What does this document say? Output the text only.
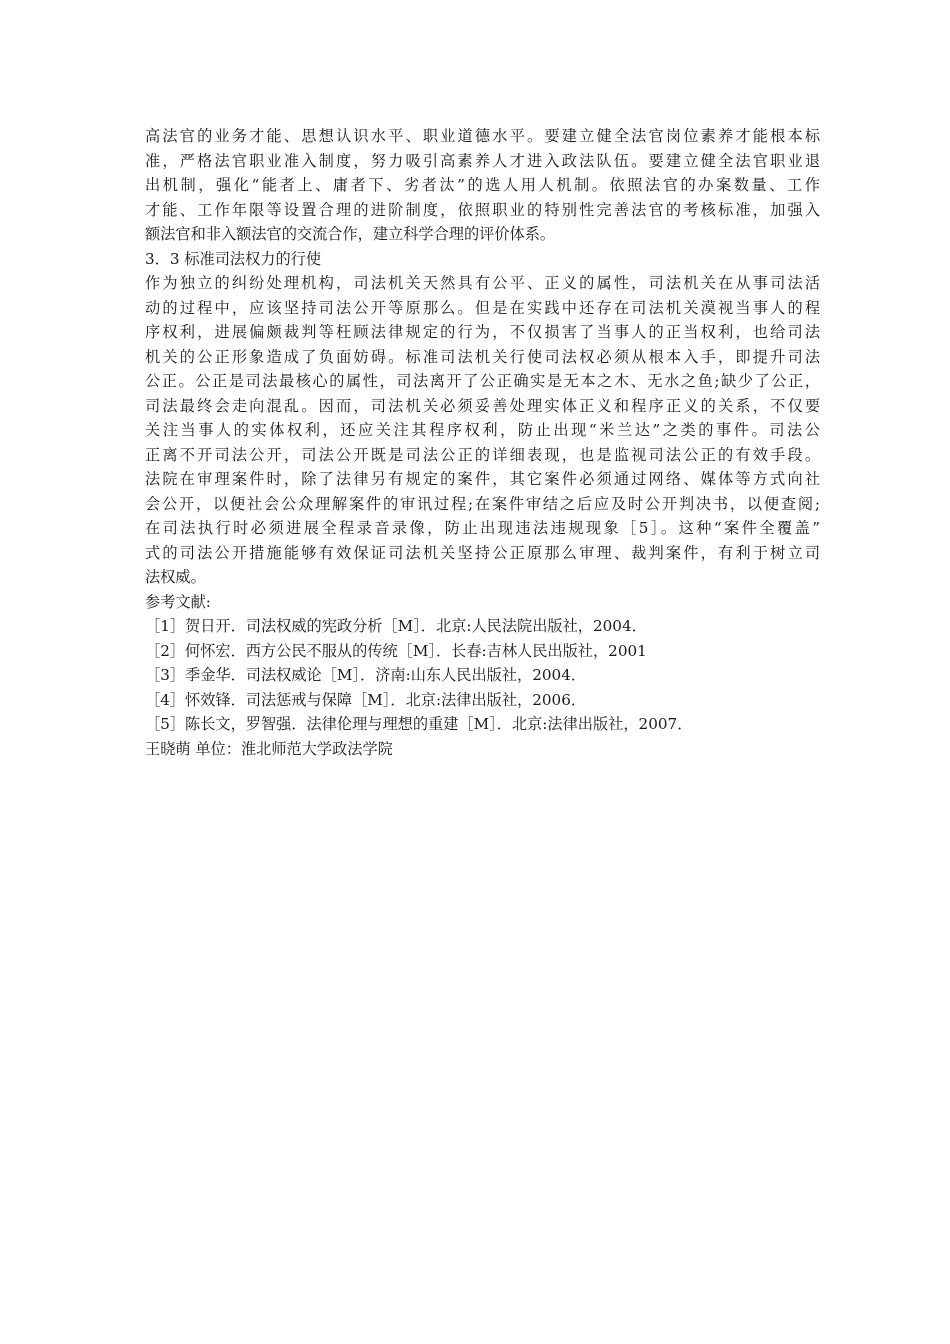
高法官的业务才能、思想认识水平、职业道德水平。要建立健全法官岗位素养才能根本标
准，严格法官职业准入制度，努力吸引高素养人才进入政法队伍。要建立健全法官职业退
出机制，强化“能者上、庸者下、劣者汰”的选人用人机制。依照法官的办案数量、工作
才能、工作年限等设置合理的进阶制度，依照职业的特别性完善法官的考核标准，加强入
额法官和非入额法官的交流合作，建立科学合理的评价体系。
3．3 标准司法权力的行使
作为独立的纠纷处理机构，司法机关天然具有公平、正义的属性，司法机关在从事司法活
动的过程中，应该坚持司法公开等原那么。但是在实践中还存在司法机关漠视当事人的程
序权利，进展偏颇裁判等枉顾法律规定的行为，不仅损害了当事人的正当权利，也给司法
机关的公正形象造成了负面妨碍。标准司法机关行使司法权必须从根本入手，即提升司法
公正。公正是司法最核心的属性，司法离开了公正确实是无本之木、无水之鱼;缺少了公正，
司法最终会走向混乱。因而，司法机关必须妥善处理实体正义和程序正义的关系，不仅要
关注当事人的实体权利，还应关注其程序权利，防止出现“米兰达”之类的事件。司法公
正离不开司法公开，司法公开既是司法公正的详细表现，也是监视司法公正的有效手段。
法院在审理案件时，除了法律另有规定的案件，其它案件必须通过网络、媒体等方式向社
会公开，以便社会公众理解案件的审讯过程;在案件审结之后应及时公开判决书，以便查阅;
在司法执行时必须进展全程录音录像，防止出现违法违规现象［5］。这种“案件全覆盖”
式的司法公开措施能够有效保证司法机关坚持公正原那么审理、裁判案件，有利于树立司
法权威。
参考文献:
［1］贺日开．司法权威的宪政分析［M］．北京:人民法院出版社，2004．
［2］何怀宏．西方公民不服从的传统［M］．长春:吉林人民出版社，2001
［3］季金华．司法权威论［M］．济南:山东人民出版社，2004．
［4］怀效锋．司法惩戒与保障［M］．北京:法律出版社，2006．
［5］陈长文，罗智强．法律伦理与理想的重建［M］．北京:法律出版社，2007．
王晓萌 单位：淮北师范大学政法学院
